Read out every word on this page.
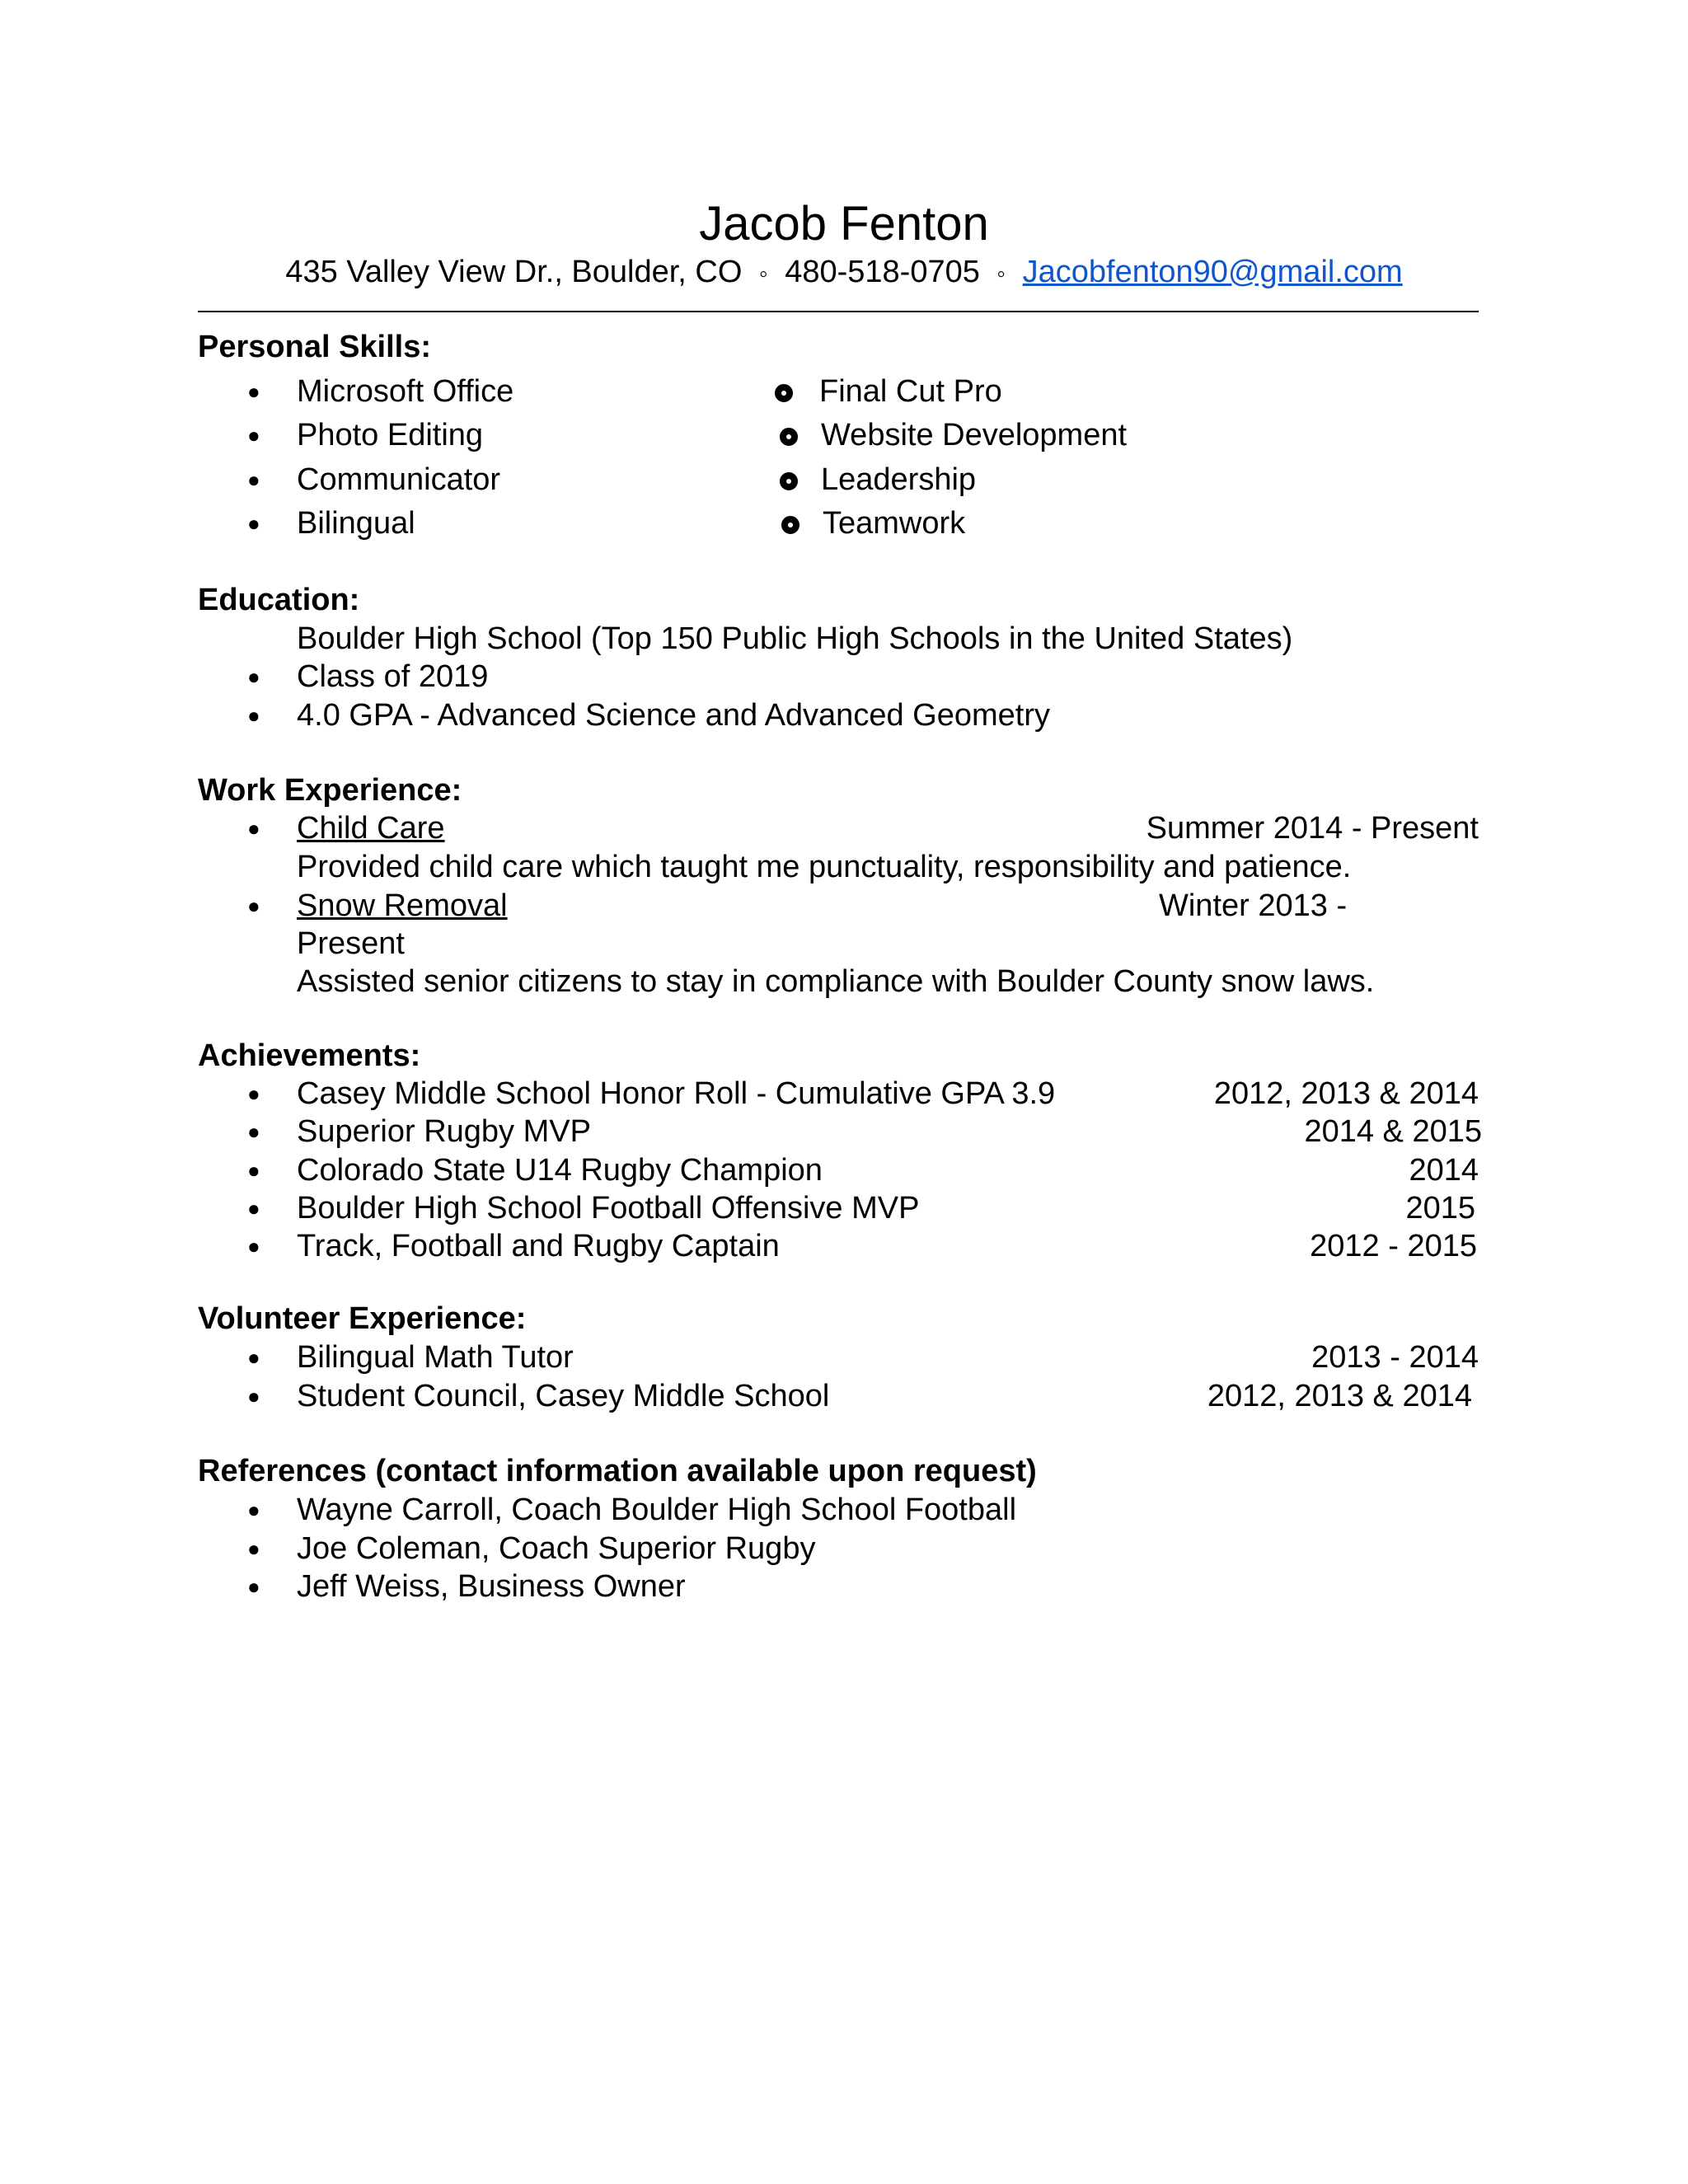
Jacob Fenton
435 Valley View Dr., Boulder, CO ◦ 480-518-0705 ◦ Jacobfenton90@gmail.com
Personal Skills:
● Microsoft Office	Final Cut Pro
● Photo Editing	Website Development
● Communicator	Leadership
● Bilingual	Teamwork
Education:
Boulder High School (Top 150 Public High Schools in the United States)
● Class of 2019
● 4.0 GPA - Advanced Science and Advanced Geometry
Work Experience:
● Child Care	Summer 2014 - Present
Provided child care which taught me punctuality, responsibility and patience.
● Snow Removal	Winter 2013 -
Present
Assisted senior citizens to stay in compliance with Boulder County snow laws.
Achievements:
● Casey Middle School Honor Roll - Cumulative GPA 3.9	2012, 2013 & 2014
● Superior Rugby MVP	2014 & 2015
● Colorado State U14 Rugby Champion	2014
● Boulder High School Football Offensive MVP	2015
● Track, Football and Rugby Captain	2012 - 2015
Volunteer Experience:
● Bilingual Math Tutor	2013 - 2014
● Student Council, Casey Middle School	2012, 2013 & 2014
References (contact information available upon request)
● Wayne Carroll, Coach Boulder High School Football
● Joe Coleman, Coach Superior Rugby
● Jeff Weiss, Business Owner
